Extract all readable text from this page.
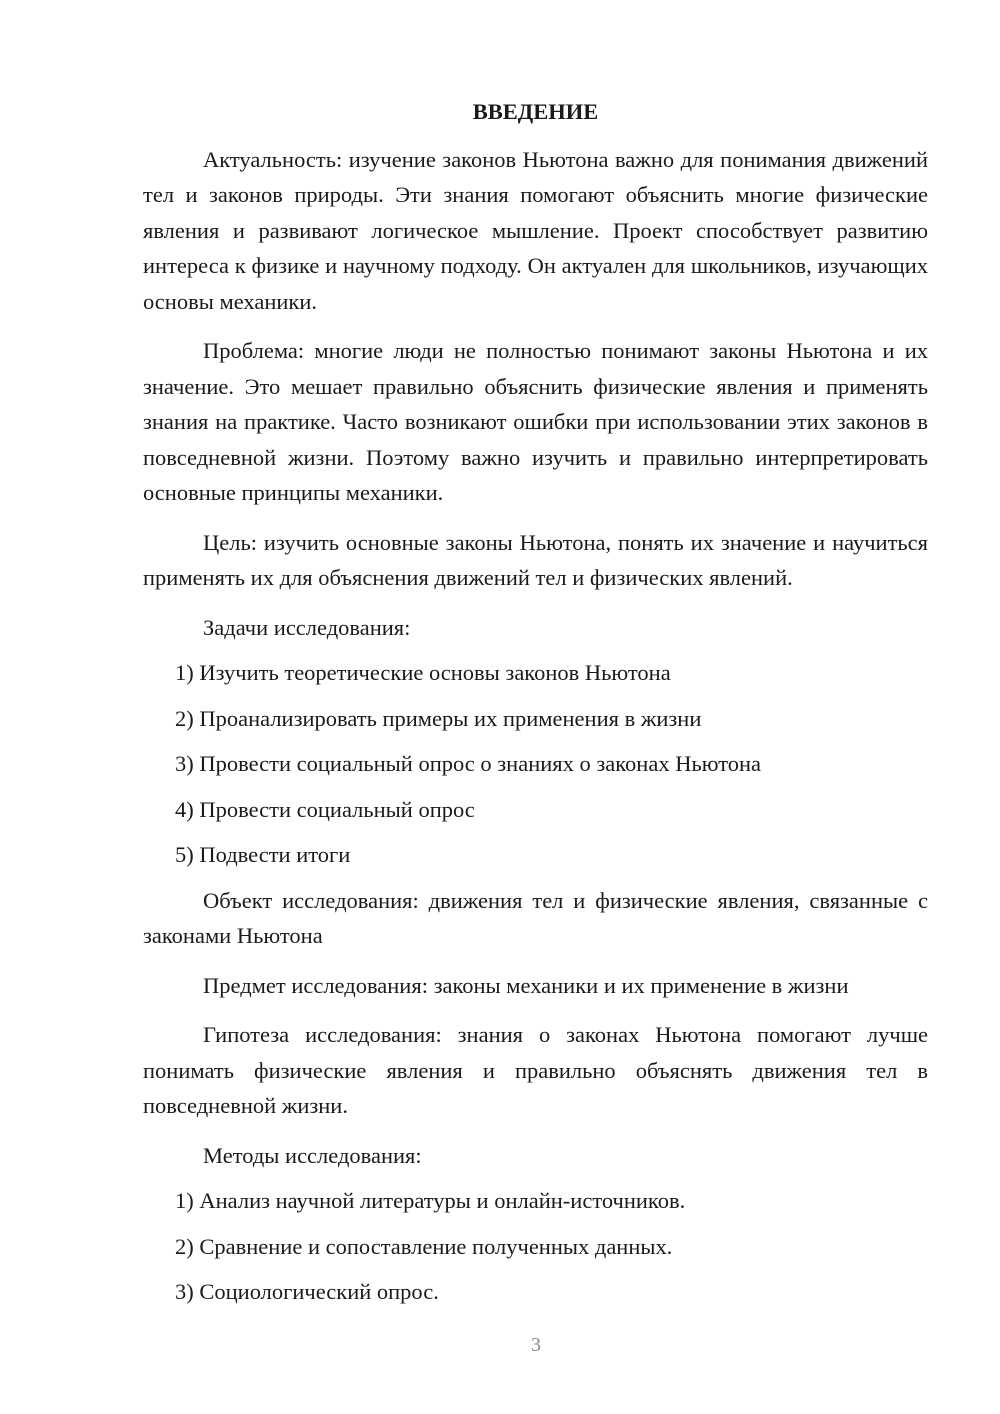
ВВЕДЕНИЕ

Актуальность: изучение законов Ньютона важно для понимания движений тел и законов природы. Эти знания помогают объяснить многие физические явления и развивают логическое мышление. Проект способствует развитию интереса к физике и научному подходу. Он актуален для школьников, изучающих основы механики.

Проблема: многие люди не полностью понимают законы Ньютона и их значение. Это мешает правильно объяснить физические явления и применять знания на практике. Часто возникают ошибки при использовании этих законов в повседневной жизни. Поэтому важно изучить и правильно интерпретировать основные принципы механики.

Цель: изучить основные законы Ньютона, понять их значение и научиться применять их для объяснения движений тел и физических явлений.

Задачи исследования:

1) Изучить теоретические основы законов Ньютона
2) Проанализировать примеры их применения в жизни
3) Провести социальный опрос о знаниях о законах Ньютона
4) Провести социальный опрос
5) Подвести итоги

Объект исследования: движения тел и физические явления, связанные с законами Ньютона

Предмет исследования: законы механики и их применение в жизни

Гипотеза исследования: знания о законах Ньютона помогают лучше понимать физические явления и правильно объяснять движения тел в повседневной жизни.

Методы исследования:

1) Анализ научной литературы и онлайн-источников.
2) Сравнение и сопоставление полученных данных.
3) Социологический опрос.
3
